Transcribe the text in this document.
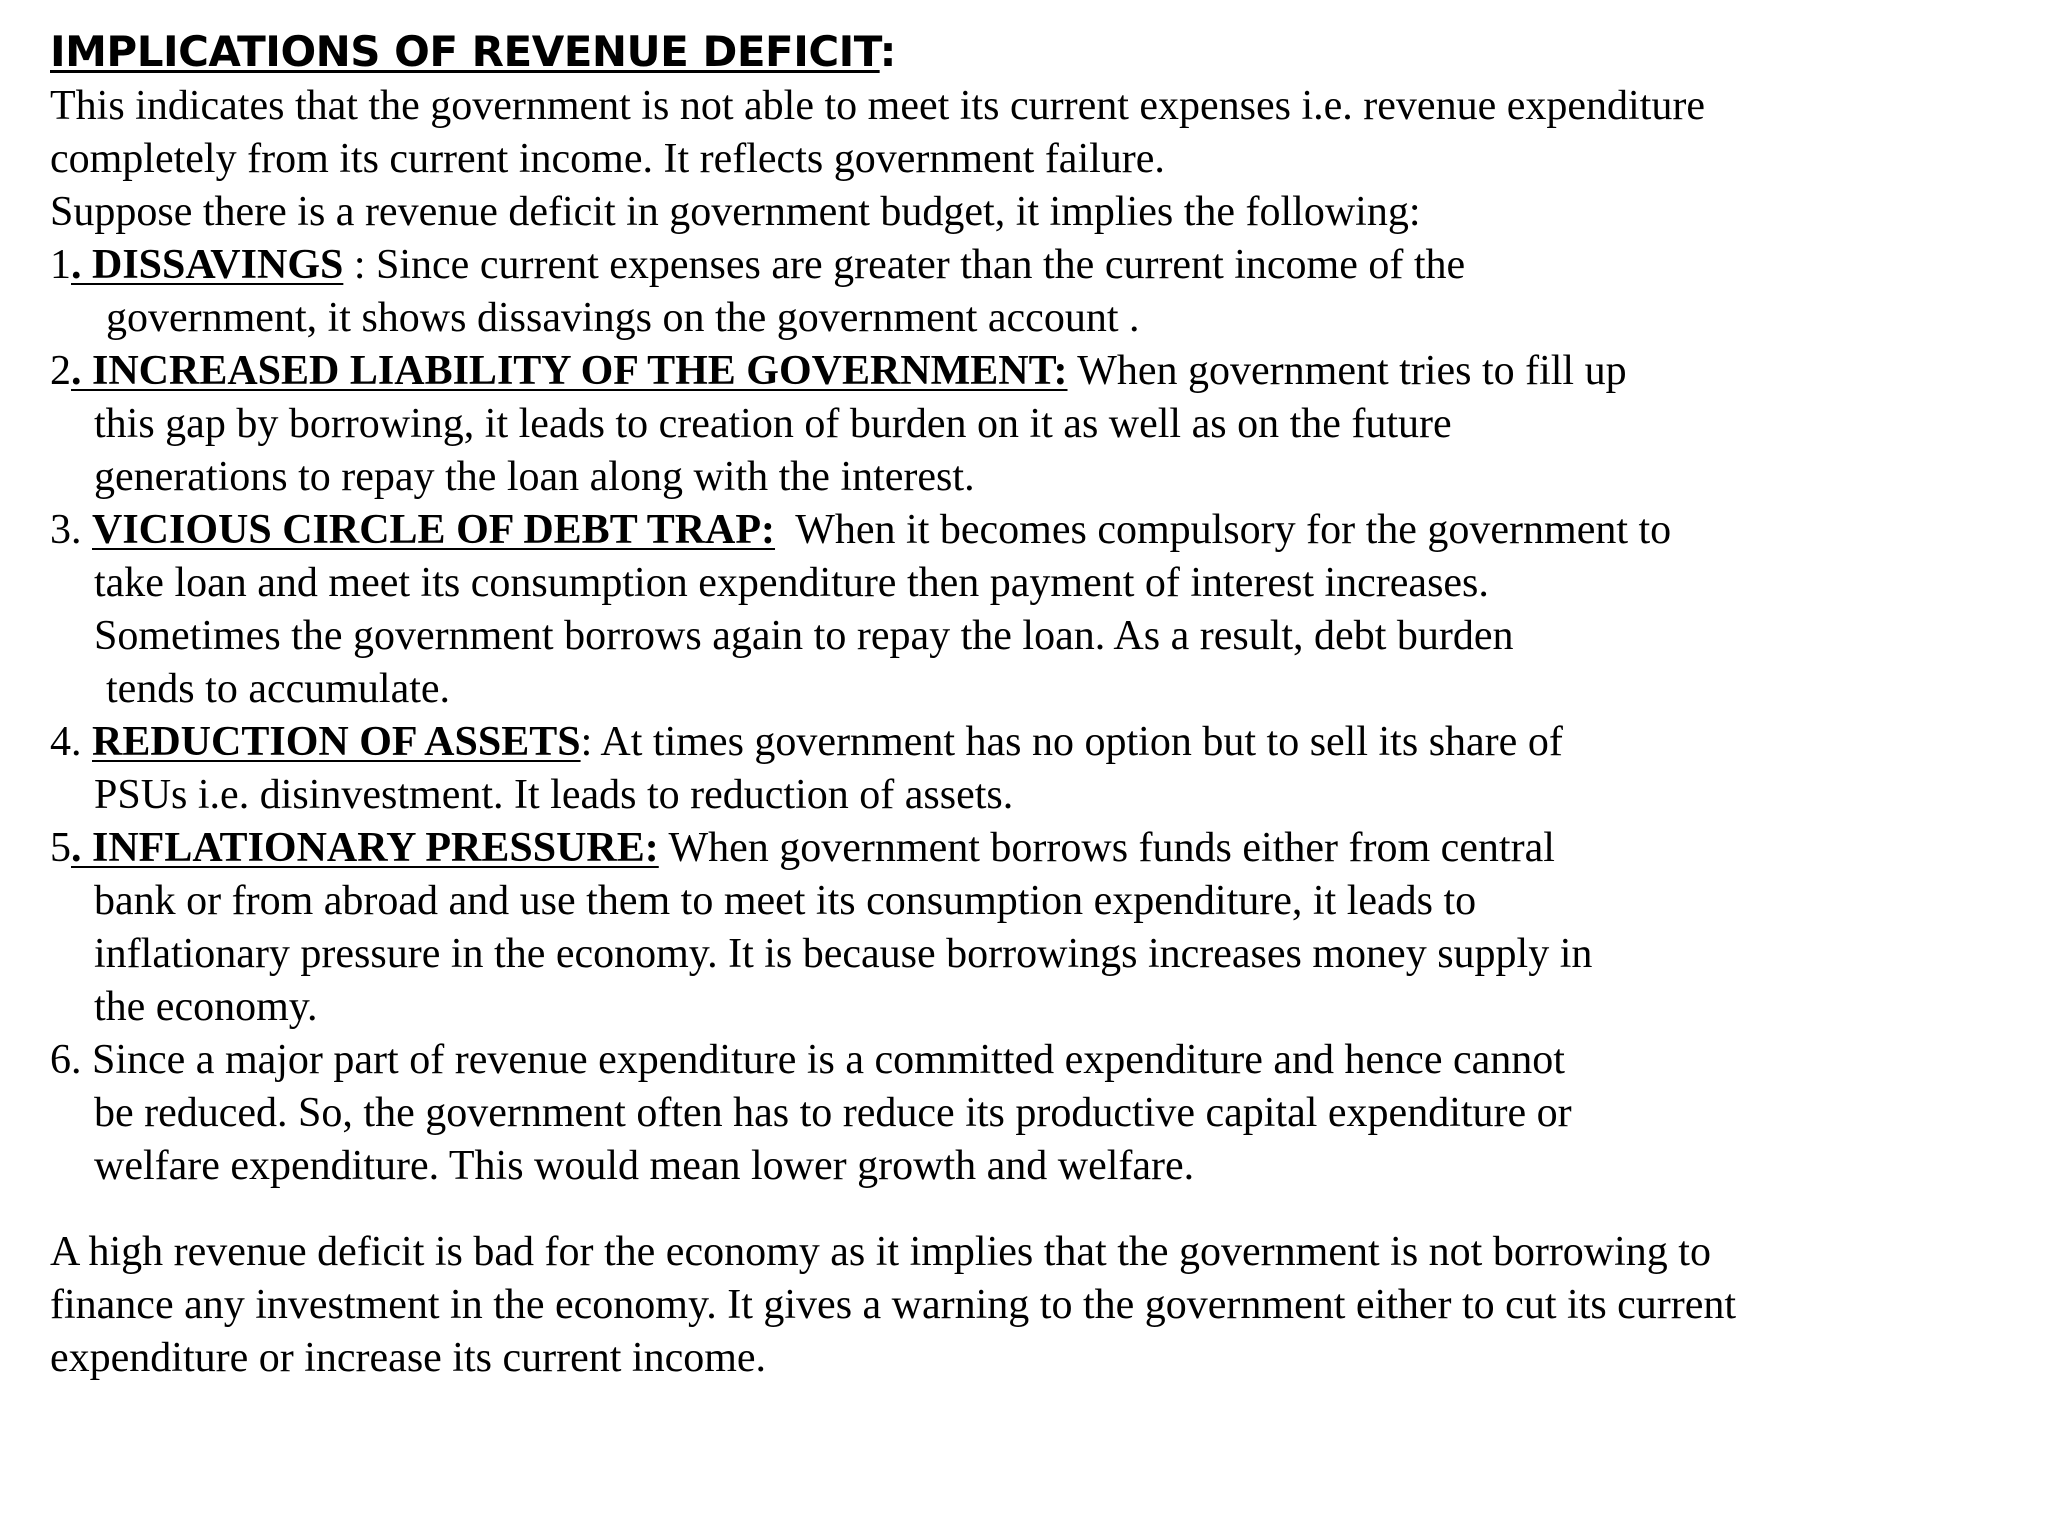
IMPLICATIONS OF REVENUE DEFICIT:
This indicates that the government is not able to meet its current expenses i.e. revenue expenditure
completely from its current income. It reflects government failure.
Suppose there is a revenue deficit in government budget, it implies the following:
1. DISSAVINGS : Since current expenses are greater than the current income of the
government, it shows dissavings on the government account .
2. INCREASED LIABILITY OF THE GOVERNMENT: When government tries to fill up
this gap by borrowing, it leads to creation of burden on it as well as on the future
generations to repay the loan along with the interest.
3. VICIOUS CIRCLE OF DEBT TRAP:  When it becomes compulsory for the government to
take loan and meet its consumption expenditure then payment of interest increases.
Sometimes the government borrows again to repay the loan. As a result, debt burden
tends to accumulate.
4. REDUCTION OF ASSETS: At times government has no option but to sell its share of
PSUs i.e. disinvestment. It leads to reduction of assets.
5. INFLATIONARY PRESSURE: When government borrows funds either from central
bank or from abroad and use them to meet its consumption expenditure, it leads to
inflationary pressure in the economy. It is because borrowings increases money supply in
the economy.
6. Since a major part of revenue expenditure is a committed expenditure and hence cannot
be reduced. So, the government often has to reduce its productive capital expenditure or
welfare expenditure. This would mean lower growth and welfare.
A high revenue deficit is bad for the economy as it implies that the government is not borrowing to
finance any investment in the economy. It gives a warning to the government either to cut its current
expenditure or increase its current income.
